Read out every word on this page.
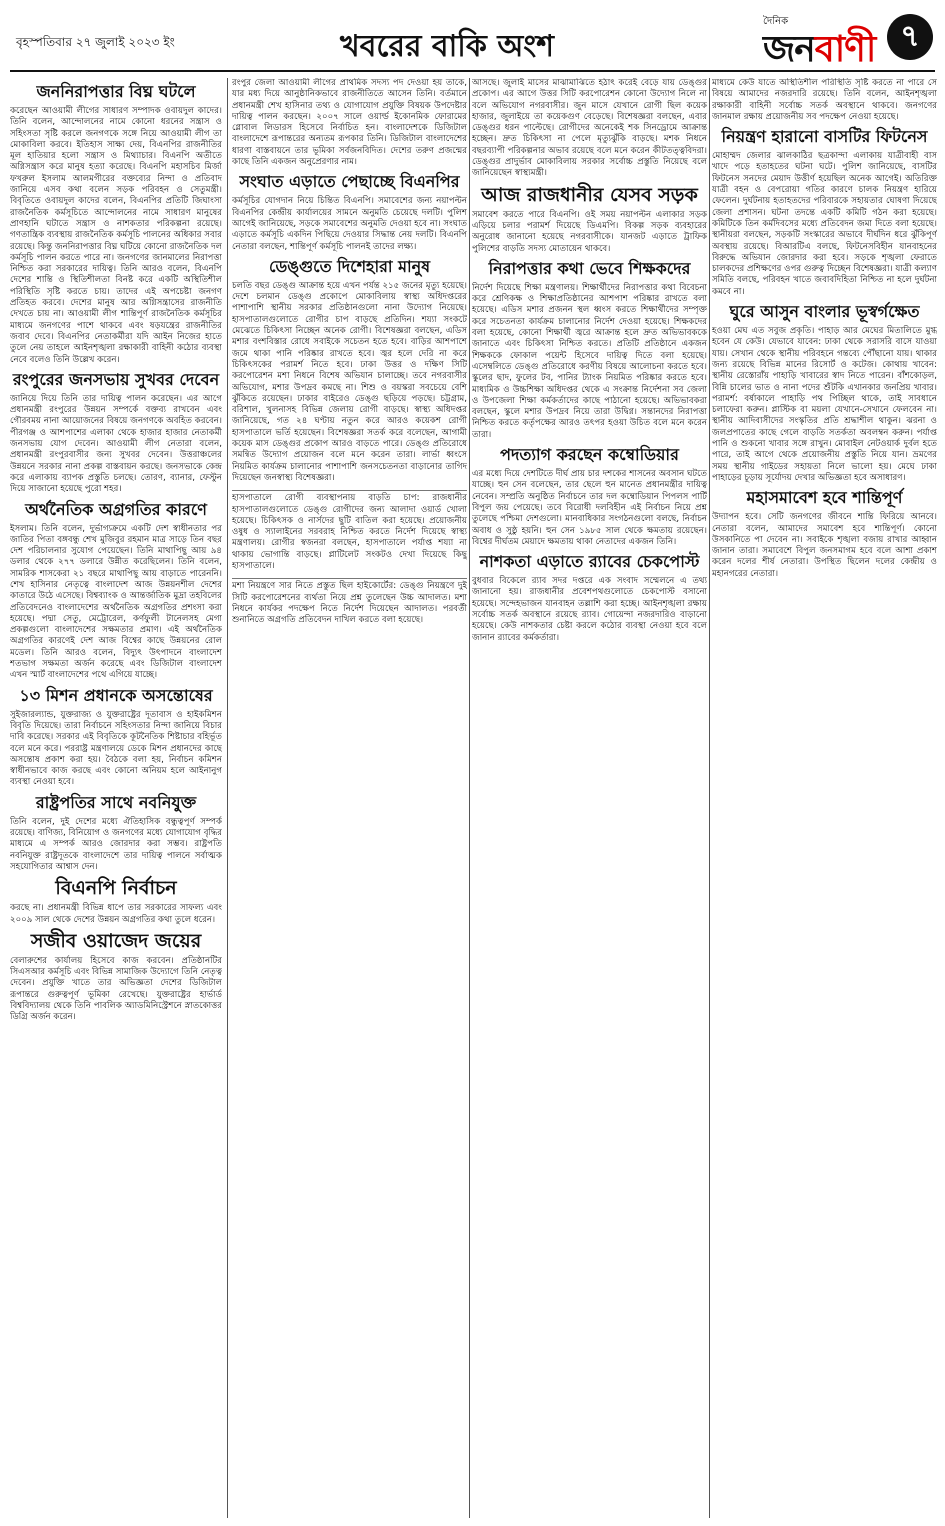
বৃহস্পতিবার ২৭ জুলাই ২০২৩ ইং	খবরের বাকি অংশ
দৈনিক
জনবাণী ৭
জননিরাপত্তার বিঘ্ন ঘটলে

করেছেন আওয়ামী লীগের সাধারণ সম্পাদক ওবায়দুল কাদের। তিনি বলেন, আন্দোলনের নামে কোনো ধরনের সন্ত্রাস ও সহিংসতা সৃষ্টি করলে জনগণকে সঙ্গে নিয়ে আওয়ামী লীগ তা মোকাবিলা করবে। ইতিহাস সাক্ষ্য দেয়, বিএনপির রাজনীতির মূল হাতিয়ার হলো সন্ত্রাস ও মিথ্যাচার। বিএনপি অতীতে অগ্নিসন্ত্রাস করে মানুষ হত্যা করেছে। বিএনপি মহাসচিব মির্জা ফখরুল ইসলাম আলমগীরের বক্তব্যের নিন্দা ও প্রতিবাদ জানিয়ে এসব কথা বলেন সড়ক পরিবহন ও সেতুমন্ত্রী। বিবৃতিতে ওবায়দুল কাদের বলেন, বিএনপির প্রতিটি জিঘাংসা রাজনৈতিক কর্মসূচিতে আন্দোলনের নামে সাধারণ মানুষের প্রাণহানি ঘটাতে সন্ত্রাস ও নাশকতার পরিকল্পনা রয়েছে। গণতান্ত্রিক ব্যবস্থায় রাজনৈতিক কর্মসূচি পালনের অধিকার সবার রয়েছে। কিন্তু জননিরাপত্তার বিঘ্ন ঘটিয়ে কোনো রাজনৈতিক দল কর্মসূচি পালন করতে পারে না। জনগণের জানমালের নিরাপত্তা নিশ্চিত করা সরকারের দায়িত্ব। তিনি আরও বলেন, বিএনপি দেশের শান্তি ও স্থিতিশীলতা বিনষ্ট করে একটি অস্থিতিশীল পরিস্থিতি সৃষ্টি করতে চায়। তাদের এই অপচেষ্টা জনগণ প্রতিহত করবে। দেশের মানুষ আর অগ্নিসন্ত্রাসের রাজনীতি দেখতে চায় না। আওয়ামী লীগ শান্তিপূর্ণ রাজনৈতিক কর্মসূচির মাধ্যমে জনগণের পাশে থাকবে এবং ষড়যন্ত্রের রাজনীতির জবাব দেবে। বিএনপির নেতাকর্মীরা যদি আইন নিজের হাতে তুলে নেয় তাহলে আইনশৃঙ্খলা রক্ষাকারী বাহিনী কঠোর ব্যবস্থা নেবে বলেও তিনি উল্লেখ করেন।

রংপুরের জনসভায় সুখবর দেবেন

জানিয়ে দিয়ে তিনি তার দায়িত্ব পালন করেছেন। এর আগে প্রধানমন্ত্রী রংপুরের উন্নয়ন সম্পর্কে বক্তব্য রাখবেন এবং গৌরবময় নানা আয়োজনের বিষয়ে জনগণকে অবহিত করবেন। পীরগঞ্জ ও আশপাশের এলাকা থেকে হাজার হাজার নেতাকর্মী জনসভায় যোগ দেবেন। আওয়ামী লীগ নেতারা বলেন, প্রধানমন্ত্রী রংপুরবাসীর জন্য সুখবর দেবেন। উত্তরাঞ্চলের উন্নয়নে সরকার নানা প্রকল্প বাস্তবায়ন করছে। জনসভাকে কেন্দ্র করে এলাকায় ব্যাপক প্রস্তুতি চলছে। তোরণ, ব্যানার, ফেস্টুন দিয়ে সাজানো হয়েছে পুরো শহর।

অর্থনৈতিক অগ্রগতির কারণে

ইসলাম। তিনি বলেন, দুর্ভাগ্যক্রমে একটি দেশ স্বাধীনতার পর জাতির পিতা বঙ্গবন্ধু শেখ মুজিবুর রহমান মাত্র সাড়ে তিন বছর দেশ পরিচালনার সুযোগ পেয়েছেন। তিনি মাথাপিছু আয় ৯৪ ডলার থেকে ২৭৭ ডলারে উন্নীত করেছিলেন। তিনি বলেন, সামরিক শাসকেরা ২১ বছরে মাথাপিছু আয় বাড়াতে পারেননি। শেখ হাসিনার নেতৃত্বে বাংলাদেশ আজ উন্নয়নশীল দেশের কাতারে উঠে এসেছে। বিশ্বব্যাংক ও আন্তর্জাতিক মুদ্রা তহবিলের প্রতিবেদনেও বাংলাদেশের অর্থনৈতিক অগ্রগতির প্রশংসা করা হয়েছে। পদ্মা সেতু, মেট্রোরেল, কর্ণফুলী টানেলসহ মেগা প্রকল্পগুলো বাংলাদেশের সক্ষমতার প্রমাণ। এই অর্থনৈতিক অগ্রগতির কারণেই দেশ আজ বিশ্বের কাছে উন্নয়নের রোল মডেল। তিনি আরও বলেন, বিদ্যুৎ উৎপাদনে বাংলাদেশ শতভাগ সক্ষমতা অর্জন করেছে এবং ডিজিটাল বাংলাদেশ এখন স্মার্ট বাংলাদেশের পথে এগিয়ে যাচ্ছে।

১৩ মিশন প্রধানকে অসন্তোষের

সুইজারল্যান্ড, যুক্তরাজ্য ও যুক্তরাষ্ট্রের দূতাবাস ও হাইকমিশন বিবৃতি দিয়েছে। তারা নির্বাচনে সহিংসতার নিন্দা জানিয়ে বিচার দাবি করেছে। সরকার এই বিবৃতিকে কূটনৈতিক শিষ্টাচার বহির্ভূত বলে মনে করে। পররাষ্ট্র মন্ত্রণালয়ে ডেকে মিশন প্রধানদের কাছে অসন্তোষ প্রকাশ করা হয়। বৈঠকে বলা হয়, নির্বাচন কমিশন স্বাধীনভাবে কাজ করছে এবং কোনো অনিয়ম হলে আইনানুগ ব্যবস্থা নেওয়া হবে।

রাষ্ট্রপতির সাথে নবনিযুক্ত

তিনি বলেন, দুই দেশের মধ্যে ঐতিহাসিক বন্ধুত্বপূর্ণ সম্পর্ক রয়েছে। বাণিজ্য, বিনিয়োগ ও জনগণের মধ্যে যোগাযোগ বৃদ্ধির মাধ্যমে এ সম্পর্ক আরও জোরদার করা সম্ভব। রাষ্ট্রপতি নবনিযুক্ত রাষ্ট্রদূতকে বাংলাদেশে তার দায়িত্ব পালনে সর্বাত্মক সহযোগিতার আশ্বাস দেন।

বিএনপি নির্বাচন

করছে না। প্রধানমন্ত্রী বিভিন্ন ধাপে তার সরকারের সাফল্য এবং ২০০৯ সাল থেকে দেশের উন্নয়ন অগ্রগতির কথা তুলে ধরেন।

সজীব ওয়াজেদ জয়ের

বেলারুশের কার্যালয় হিসেবে কাজ করবেন। প্রতিষ্ঠানটির সিএসআর কর্মসূচি এবং বিভিন্ন সামাজিক উদ্যোগে তিনি নেতৃত্ব দেবেন। প্রযুক্তি খাতে তার অভিজ্ঞতা দেশের ডিজিটাল রূপান্তরে গুরুত্বপূর্ণ ভূমিকা রেখেছে। যুক্তরাষ্ট্রের হার্ভার্ড বিশ্ববিদ্যালয় থেকে তিনি পাবলিক অ্যাডমিনিস্ট্রেশনে স্নাতকোত্তর ডিগ্রি অর্জন করেন।

রংপুর জেলা আওয়ামী লীগের প্রাথমিক সদস্য পদ দেওয়া হয় তাকে, যার মধ্য দিয়ে আনুষ্ঠানিকভাবে রাজনীতিতে আসেন তিনি। বর্তমানে প্রধানমন্ত্রী শেখ হাসিনার তথ্য ও যোগাযোগ প্রযুক্তি বিষয়ক উপদেষ্টার দায়িত্ব পালন করছেন। ২০০৭ সালে ওয়ার্ল্ড ইকোনমিক ফোরামের গ্লোবাল লিডারস হিসেবে নির্বাচিত হন। বাংলাদেশকে ডিজিটাল বাংলাদেশে রূপান্তরের অন্যতম রূপকার তিনি। ডিজিটাল বাংলাদেশের ধারণা বাস্তবায়নে তার ভূমিকা সর্বজনবিদিত। দেশের তরুণ প্রজন্মের কাছে তিনি একজন অনুপ্রেরণার নাম।

সংঘাত এড়াতে পেছাচ্ছে বিএনপির

কর্মসূচির যোগদান নিয়ে চিন্তিত বিএনপি। সমাবেশের জন্য নয়াপল্টন বিএনপির কেন্দ্রীয় কার্যালয়ের সামনে অনুমতি চেয়েছে দলটি। পুলিশ আগেই জানিয়েছে, সড়কে সমাবেশের অনুমতি দেওয়া হবে না। সংঘাত এড়াতে কর্মসূচি একদিন পিছিয়ে দেওয়ার সিদ্ধান্ত নেয় দলটি। বিএনপি নেতারা বলছেন, শান্তিপূর্ণ কর্মসূচি পালনই তাদের লক্ষ্য।

ডেঙ্গুতে দিশেহারা মানুষ

চলতি বছর ডেঙ্গু আক্রান্ত হয়ে এখন পর্যন্ত ২১৫ জনের মৃত্যু হয়েছে। দেশে চলমান ডেঙ্গু প্রকোপে মোকাবিলায় স্বাস্থ্য অধিদপ্তরের পাশাপাশি স্থানীয় সরকার প্রতিষ্ঠানগুলো নানা উদ্যোগ নিয়েছে। হাসপাতালগুলোতে রোগীর চাপ বাড়ছে প্রতিদিন। শয্যা সংকটে মেঝেতে চিকিৎসা নিচ্ছেন অনেক রোগী। বিশেষজ্ঞরা বলছেন, এডিস মশার বংশবিস্তার রোধে সবাইকে সচেতন হতে হবে। বাড়ির আশপাশে জমে থাকা পানি পরিষ্কার রাখতে হবে। জ্বর হলে দেরি না করে চিকিৎসকের পরামর্শ নিতে হবে। ঢাকা উত্তর ও দক্ষিণ সিটি করপোরেশন মশা নিধনে বিশেষ অভিযান চালাচ্ছে। তবে নগরবাসীর অভিযোগ, মশার উপদ্রব কমছে না। শিশু ও বয়স্করা সবচেয়ে বেশি ঝুঁকিতে রয়েছেন। ঢাকার বাইরেও ডেঙ্গু ছড়িয়ে পড়ছে। চট্টগ্রাম, বরিশাল, খুলনাসহ বিভিন্ন জেলায় রোগী বাড়ছে। স্বাস্থ্য অধিদপ্তর জানিয়েছে, গত ২৪ ঘণ্টায় নতুন করে আরও কয়েকশ রোগী হাসপাতালে ভর্তি হয়েছেন। বিশেষজ্ঞরা সতর্ক করে বলেছেন, আগামী কয়েক মাস ডেঙ্গুর প্রকোপ আরও বাড়তে পারে। ডেঙ্গু প্রতিরোধে সমন্বিত উদ্যোগ প্রয়োজন বলে মনে করেন তারা। লার্ভা ধ্বংসে নিয়মিত কার্যক্রম চালানোর পাশাপাশি জনসচেতনতা বাড়ানোর তাগিদ দিয়েছেন জনস্বাস্থ্য বিশেষজ্ঞরা।

হাসপাতালে রোগী ব্যবস্থাপনায় বাড়তি চাপ: রাজধানীর হাসপাতালগুলোতে ডেঙ্গু রোগীদের জন্য আলাদা ওয়ার্ড খোলা হয়েছে। চিকিৎসক ও নার্সদের ছুটি বাতিল করা হয়েছে। প্রয়োজনীয় ওষুধ ও স্যালাইনের সরবরাহ নিশ্চিত করতে নির্দেশ দিয়েছে স্বাস্থ্য মন্ত্রণালয়। রোগীর স্বজনরা বলছেন, হাসপাতালে পর্যাপ্ত শয্যা না থাকায় ভোগান্তি বাড়ছে। প্লাটিলেট সংকটও দেখা দিয়েছে কিছু হাসপাতালে।

মশা নিয়ন্ত্রণে সার নিতে প্রস্তুত ছিল হাইকোর্টের: ডেঙ্গু নিয়ন্ত্রণে দুই সিটি করপোরেশনের ব্যর্থতা নিয়ে প্রশ্ন তুলেছেন উচ্চ আদালত। মশা নিধনে কার্যকর পদক্ষেপ নিতে নির্দেশ দিয়েছেন আদালত। পরবর্তী শুনানিতে অগ্রগতি প্রতিবেদন দাখিল করতে বলা হয়েছে।

আসছে। জুলাই মাসের মাঝামাঝিতে হঠাৎ করেই বেড়ে যায় ডেঙ্গুর প্রকোপ। এর আগে উত্তর সিটি করপোরেশন কোনো উদ্যোগ নিলে না বলে অভিযোগ নগরবাসীর। জুন মাসে যেখানে রোগী ছিল কয়েক হাজার, জুলাইয়ে তা কয়েকগুণ বেড়েছে। বিশেষজ্ঞরা বলছেন, এবার ডেঙ্গুর ধরন পাল্টেছে। রোগীদের অনেকেই শক সিনড্রোমে আক্রান্ত হচ্ছেন। দ্রুত চিকিৎসা না পেলে মৃত্যুঝুঁকি বাড়ছে। মশক নিধনে বছরব্যাপী পরিকল্পনার অভাব রয়েছে বলে মনে করেন কীটতত্ত্ববিদরা। ডেঙ্গুর প্রাদুর্ভাব মোকাবিলায় সরকার সর্বোচ্চ প্রস্তুতি নিয়েছে বলে জানিয়েছেন স্বাস্থ্যমন্ত্রী।

আজ রাজধানীর যেসব সড়ক

সমাবেশ করতে পারে বিএনপি। ওই সময় নয়াপল্টন এলাকার সড়ক এড়িয়ে চলার পরামর্শ দিয়েছে ডিএমপি। বিকল্প সড়ক ব্যবহারের অনুরোধ জানানো হয়েছে নগরবাসীকে। যানজট এড়াতে ট্রাফিক পুলিশের বাড়তি সদস্য মোতায়েন থাকবে।

নিরাপত্তার কথা ভেবে শিক্ষকদের

নির্দেশ দিয়েছে শিক্ষা মন্ত্রণালয়। শিক্ষার্থীদের নিরাপত্তার কথা বিবেচনা করে শ্রেণিকক্ষ ও শিক্ষাপ্রতিষ্ঠানের আশপাশ পরিষ্কার রাখতে বলা হয়েছে। এডিস মশার প্রজনন স্থল ধ্বংস করতে শিক্ষার্থীদের সম্পৃক্ত করে সচেতনতা কার্যক্রম চালানোর নির্দেশ দেওয়া হয়েছে। শিক্ষকদের বলা হয়েছে, কোনো শিক্ষার্থী জ্বরে আক্রান্ত হলে দ্রুত অভিভাবককে জানাতে এবং চিকিৎসা নিশ্চিত করতে। প্রতিটি প্রতিষ্ঠানে একজন শিক্ষককে ফোকাল পয়েন্ট হিসেবে দায়িত্ব দিতে বলা হয়েছে। এসেম্বলিতে ডেঙ্গু প্রতিরোধে করণীয় বিষয়ে আলোচনা করতে হবে। স্কুলের ছাদ, ফুলের টব, পানির ট্যাংক নিয়মিত পরিষ্কার করতে হবে। মাধ্যমিক ও উচ্চশিক্ষা অধিদপ্তর থেকে এ সংক্রান্ত নির্দেশনা সব জেলা ও উপজেলা শিক্ষা কর্মকর্তাদের কাছে পাঠানো হয়েছে। অভিভাবকরা বলছেন, স্কুলে মশার উপদ্রব নিয়ে তারা উদ্বিগ্ন। সন্তানদের নিরাপত্তা নিশ্চিত করতে কর্তৃপক্ষের আরও তৎপর হওয়া উচিত বলে মনে করেন তারা।

পদত্যাগ করছেন কম্বোডিয়ার

এর মধ্যে দিয়ে দেশটিতে দীর্ঘ প্রায় চার দশকের শাসনের অবসান ঘটতে যাচ্ছে। হুন সেন বলেছেন, তার ছেলে হুন মানেত প্রধানমন্ত্রীর দায়িত্ব নেবেন। সম্প্রতি অনুষ্ঠিত নির্বাচনে তার দল কম্বোডিয়ান পিপলস পার্টি বিপুল জয় পেয়েছে। তবে বিরোধী দলবিহীন এই নির্বাচন নিয়ে প্রশ্ন তুলেছে পশ্চিমা দেশগুলো। মানবাধিকার সংগঠনগুলো বলছে, নির্বাচন অবাধ ও সুষ্ঠু হয়নি। হুন সেন ১৯৮৫ সাল থেকে ক্ষমতায় রয়েছেন। বিশ্বের দীর্ঘতম মেয়াদে ক্ষমতায় থাকা নেতাদের একজন তিনি।

নাশকতা এড়াতে র‍্যাবের চেকপোস্ট

বুধবার বিকেলে র‍্যাব সদর দপ্তরে এক সংবাদ সম্মেলনে এ তথ্য জানানো হয়। রাজধানীর প্রবেশপথগুলোতে চেকপোস্ট বসানো হয়েছে। সন্দেহভাজন যানবাহন তল্লাশি করা হচ্ছে। আইনশৃঙ্খলা রক্ষায় সর্বোচ্চ সতর্ক অবস্থানে রয়েছে র‍্যাব। গোয়েন্দা নজরদারিও বাড়ানো হয়েছে। কেউ নাশকতার চেষ্টা করলে কঠোর ব্যবস্থা নেওয়া হবে বলে জানান র‍্যাবের কর্মকর্তারা।

মাধ্যমে কেউ যাতে অস্থিতিশীল পরিস্থিতি সৃষ্টি করতে না পারে সে বিষয়ে আমাদের নজরদারি রয়েছে। তিনি বলেন, আইনশৃঙ্খলা রক্ষাকারী বাহিনী সর্বোচ্চ সতর্ক অবস্থানে থাকবে। জনগণের জানমাল রক্ষায় প্রয়োজনীয় সব পদক্ষেপ নেওয়া হয়েছে।

নিয়ন্ত্রণ হারানো বাসটির ফিটনেস

মোহাম্মদ জেলার ঝালকাঠির ছত্রকান্দা এলাকায় যাত্রীবাহী বাস খাদে পড়ে হতাহতের ঘটনা ঘটে। পুলিশ জানিয়েছে, বাসটির ফিটনেস সনদের মেয়াদ উত্তীর্ণ হয়েছিল অনেক আগেই। অতিরিক্ত যাত্রী বহন ও বেপরোয়া গতির কারণে চালক নিয়ন্ত্রণ হারিয়ে ফেলেন। দুর্ঘটনায় হতাহতদের পরিবারকে সহায়তার ঘোষণা দিয়েছে জেলা প্রশাসন। ঘটনা তদন্তে একটি কমিটি গঠন করা হয়েছে। কমিটিকে তিন কর্মদিবসের মধ্যে প্রতিবেদন জমা দিতে বলা হয়েছে। স্থানীয়রা বলছেন, সড়কটি সংস্কারের অভাবে দীর্ঘদিন ধরে ঝুঁকিপূর্ণ অবস্থায় রয়েছে। বিআরটিএ বলছে, ফিটনেসবিহীন যানবাহনের বিরুদ্ধে অভিযান জোরদার করা হবে। সড়কে শৃঙ্খলা ফেরাতে চালকদের প্রশিক্ষণের ওপর গুরুত্ব দিচ্ছেন বিশেষজ্ঞরা। যাত্রী কল্যাণ সমিতি বলছে, পরিবহন খাতে জবাবদিহিতা নিশ্চিত না হলে দুর্ঘটনা কমবে না।

ঘুরে আসুন বাংলার ভূস্বর্গক্ষেত

হওয়া মেঘ এত সবুজ প্রকৃতি। পাহাড় আর মেঘের মিতালিতে মুগ্ধ হবেন যে কেউ। যেভাবে যাবেন: ঢাকা থেকে সরাসরি বাসে যাওয়া যায়। সেখান থেকে স্থানীয় পরিবহনে গন্তব্যে পৌঁছানো যায়। থাকার জন্য রয়েছে বিভিন্ন মানের রিসোর্ট ও কটেজ। কোথায় খাবেন: স্থানীয় রেস্তোরাঁয় পাহাড়ি খাবারের স্বাদ নিতে পারেন। বাঁশকোড়ল, বিন্নি চালের ভাত ও নানা পদের শুঁটকি এখানকার জনপ্রিয় খাবার। পরামর্শ: বর্ষাকালে পাহাড়ি পথ পিচ্ছিল থাকে, তাই সাবধানে চলাফেরা করুন। প্লাস্টিক বা ময়লা যেখানে-সেখানে ফেলবেন না। স্থানীয় আদিবাসীদের সংস্কৃতির প্রতি শ্রদ্ধাশীল থাকুন। ঝরনা ও জলপ্রপাতের কাছে গেলে বাড়তি সতর্কতা অবলম্বন করুন। পর্যাপ্ত পানি ও শুকনো খাবার সঙ্গে রাখুন। মোবাইল নেটওয়ার্ক দুর্বল হতে পারে, তাই আগে থেকে প্রয়োজনীয় প্রস্তুতি নিয়ে যান। ভ্রমণের সময় স্থানীয় গাইডের সহায়তা নিলে ভালো হয়। মেঘে ঢাকা পাহাড়ের চূড়ায় সূর্যোদয় দেখার অভিজ্ঞতা হবে অসাধারণ।

মহাসমাবেশ হবে শান্তিপূর্ণ

উদ্যাপন হবে। সেটি জনগণের জীবনে শান্তি ফিরিয়ে আনবে। নেতারা বলেন, আমাদের সমাবেশ হবে শান্তিপূর্ণ। কোনো উসকানিতে পা দেবেন না। সবাইকে শৃঙ্খলা বজায় রাখার আহ্বান জানান তারা। সমাবেশে বিপুল জনসমাগম হবে বলে আশা প্রকাশ করেন দলের শীর্ষ নেতারা। উপস্থিত ছিলেন দলের কেন্দ্রীয় ও মহানগরের নেতারা।
